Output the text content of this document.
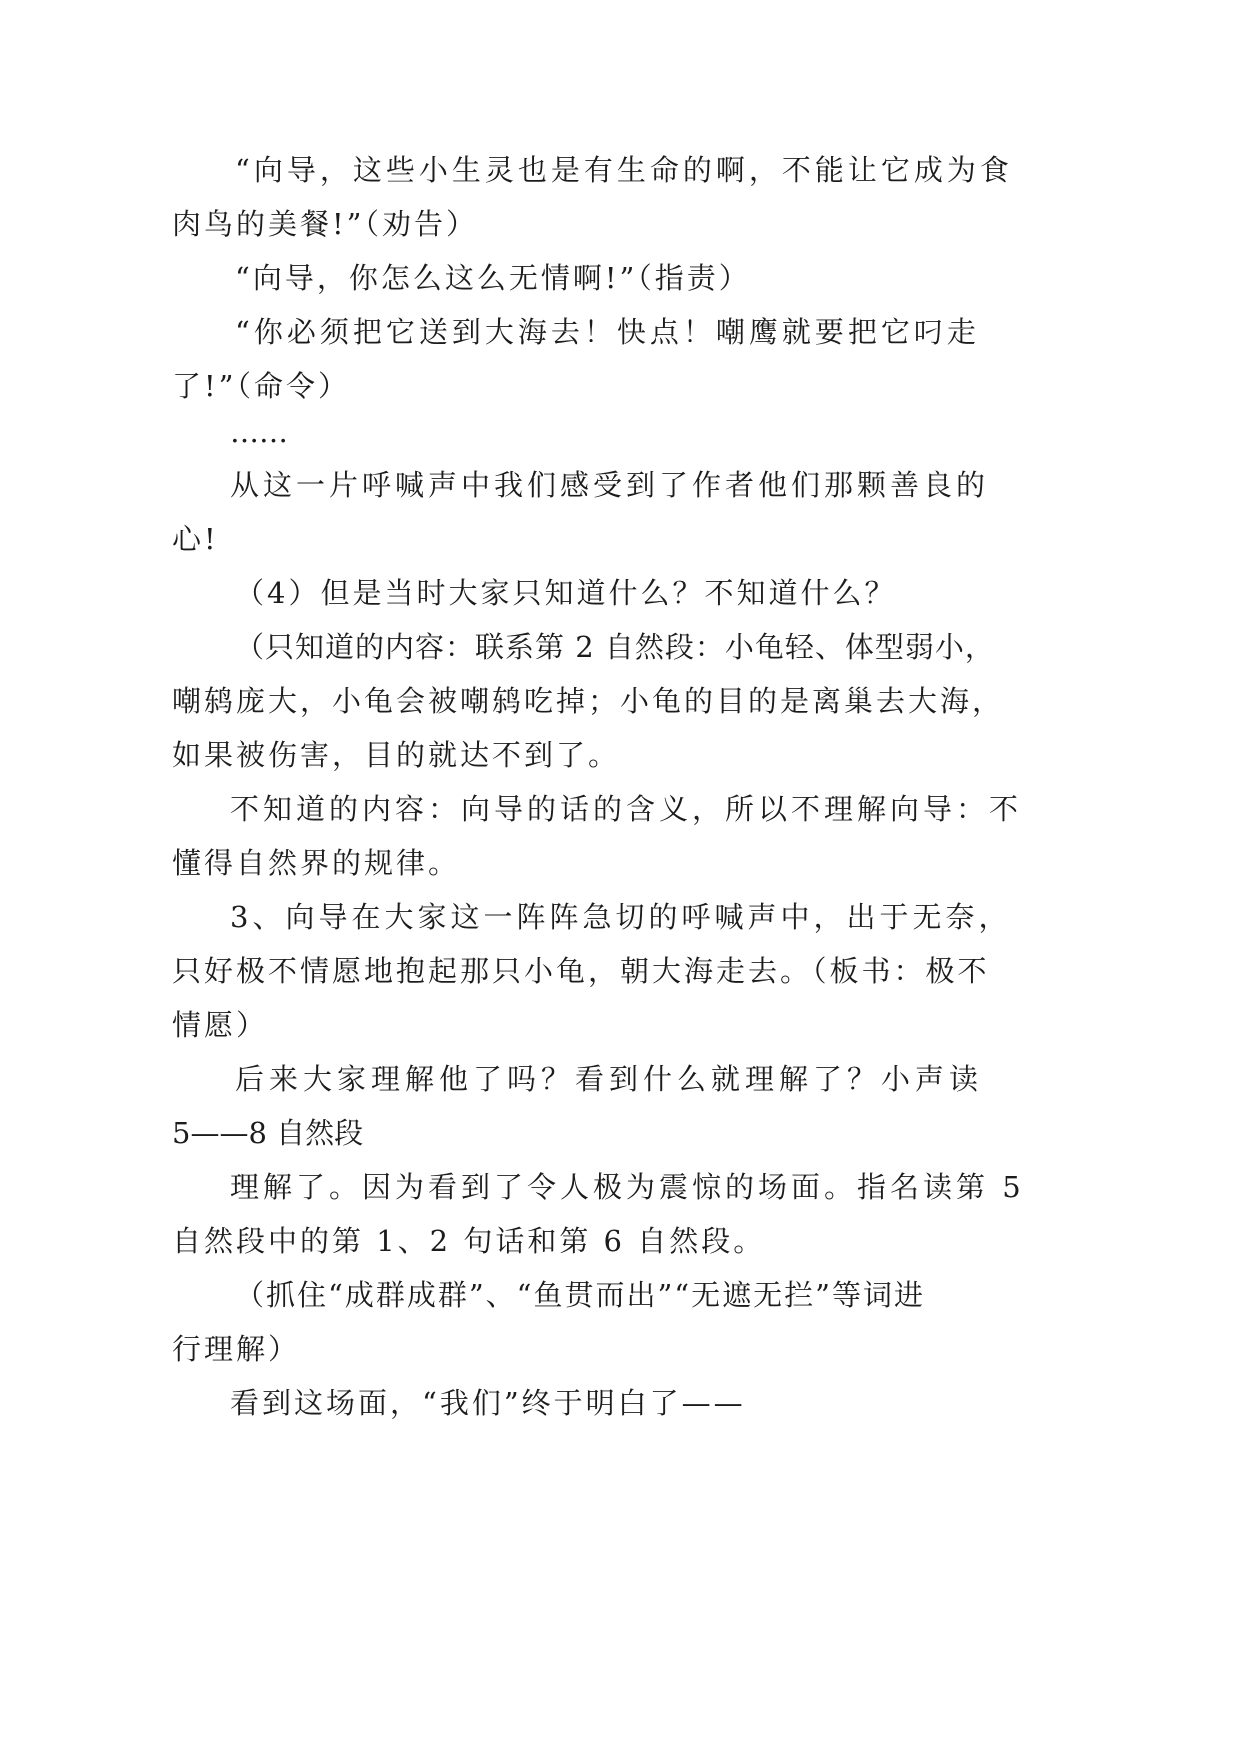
“向导，这些小生灵也是有生命的啊，不能让它成为食

肉鸟的美餐!”（劝告）

“向导，你怎么这么无情啊!”（指责）

“你必须把它送到大海去！快点！嘲鹰就要把它叼走

了!”（命令）

……

从这一片呼喊声中我们感受到了作者他们那颗善良的

心!

（4）但是当时大家只知道什么？不知道什么？

（只知道的内容：联系第 2 自然段：小龟轻、体型弱小，

嘲鸫庞大，小龟会被嘲鸫吃掉；小龟的目的是离巢去大海，

如果被伤害，目的就达不到了。

不知道的内容：向导的话的含义，所以不理解向导：不

懂得自然界的规律。

3、向导在大家这一阵阵急切的呼喊声中，出于无奈，

只好极不情愿地抱起那只小龟，朝大海走去。（板书：极不

情愿）

后来大家理解他了吗？看到什么就理解了？小声读

5——8 自然段

理解了。因为看到了令人极为震惊的场面。指名读第 5

自然段中的第 1、2 句话和第 6 自然段。

（抓住“成群成群”、“鱼贯而出”“无遮无拦”等词进

行理解）

看到这场面，“我们”终于明白了——
